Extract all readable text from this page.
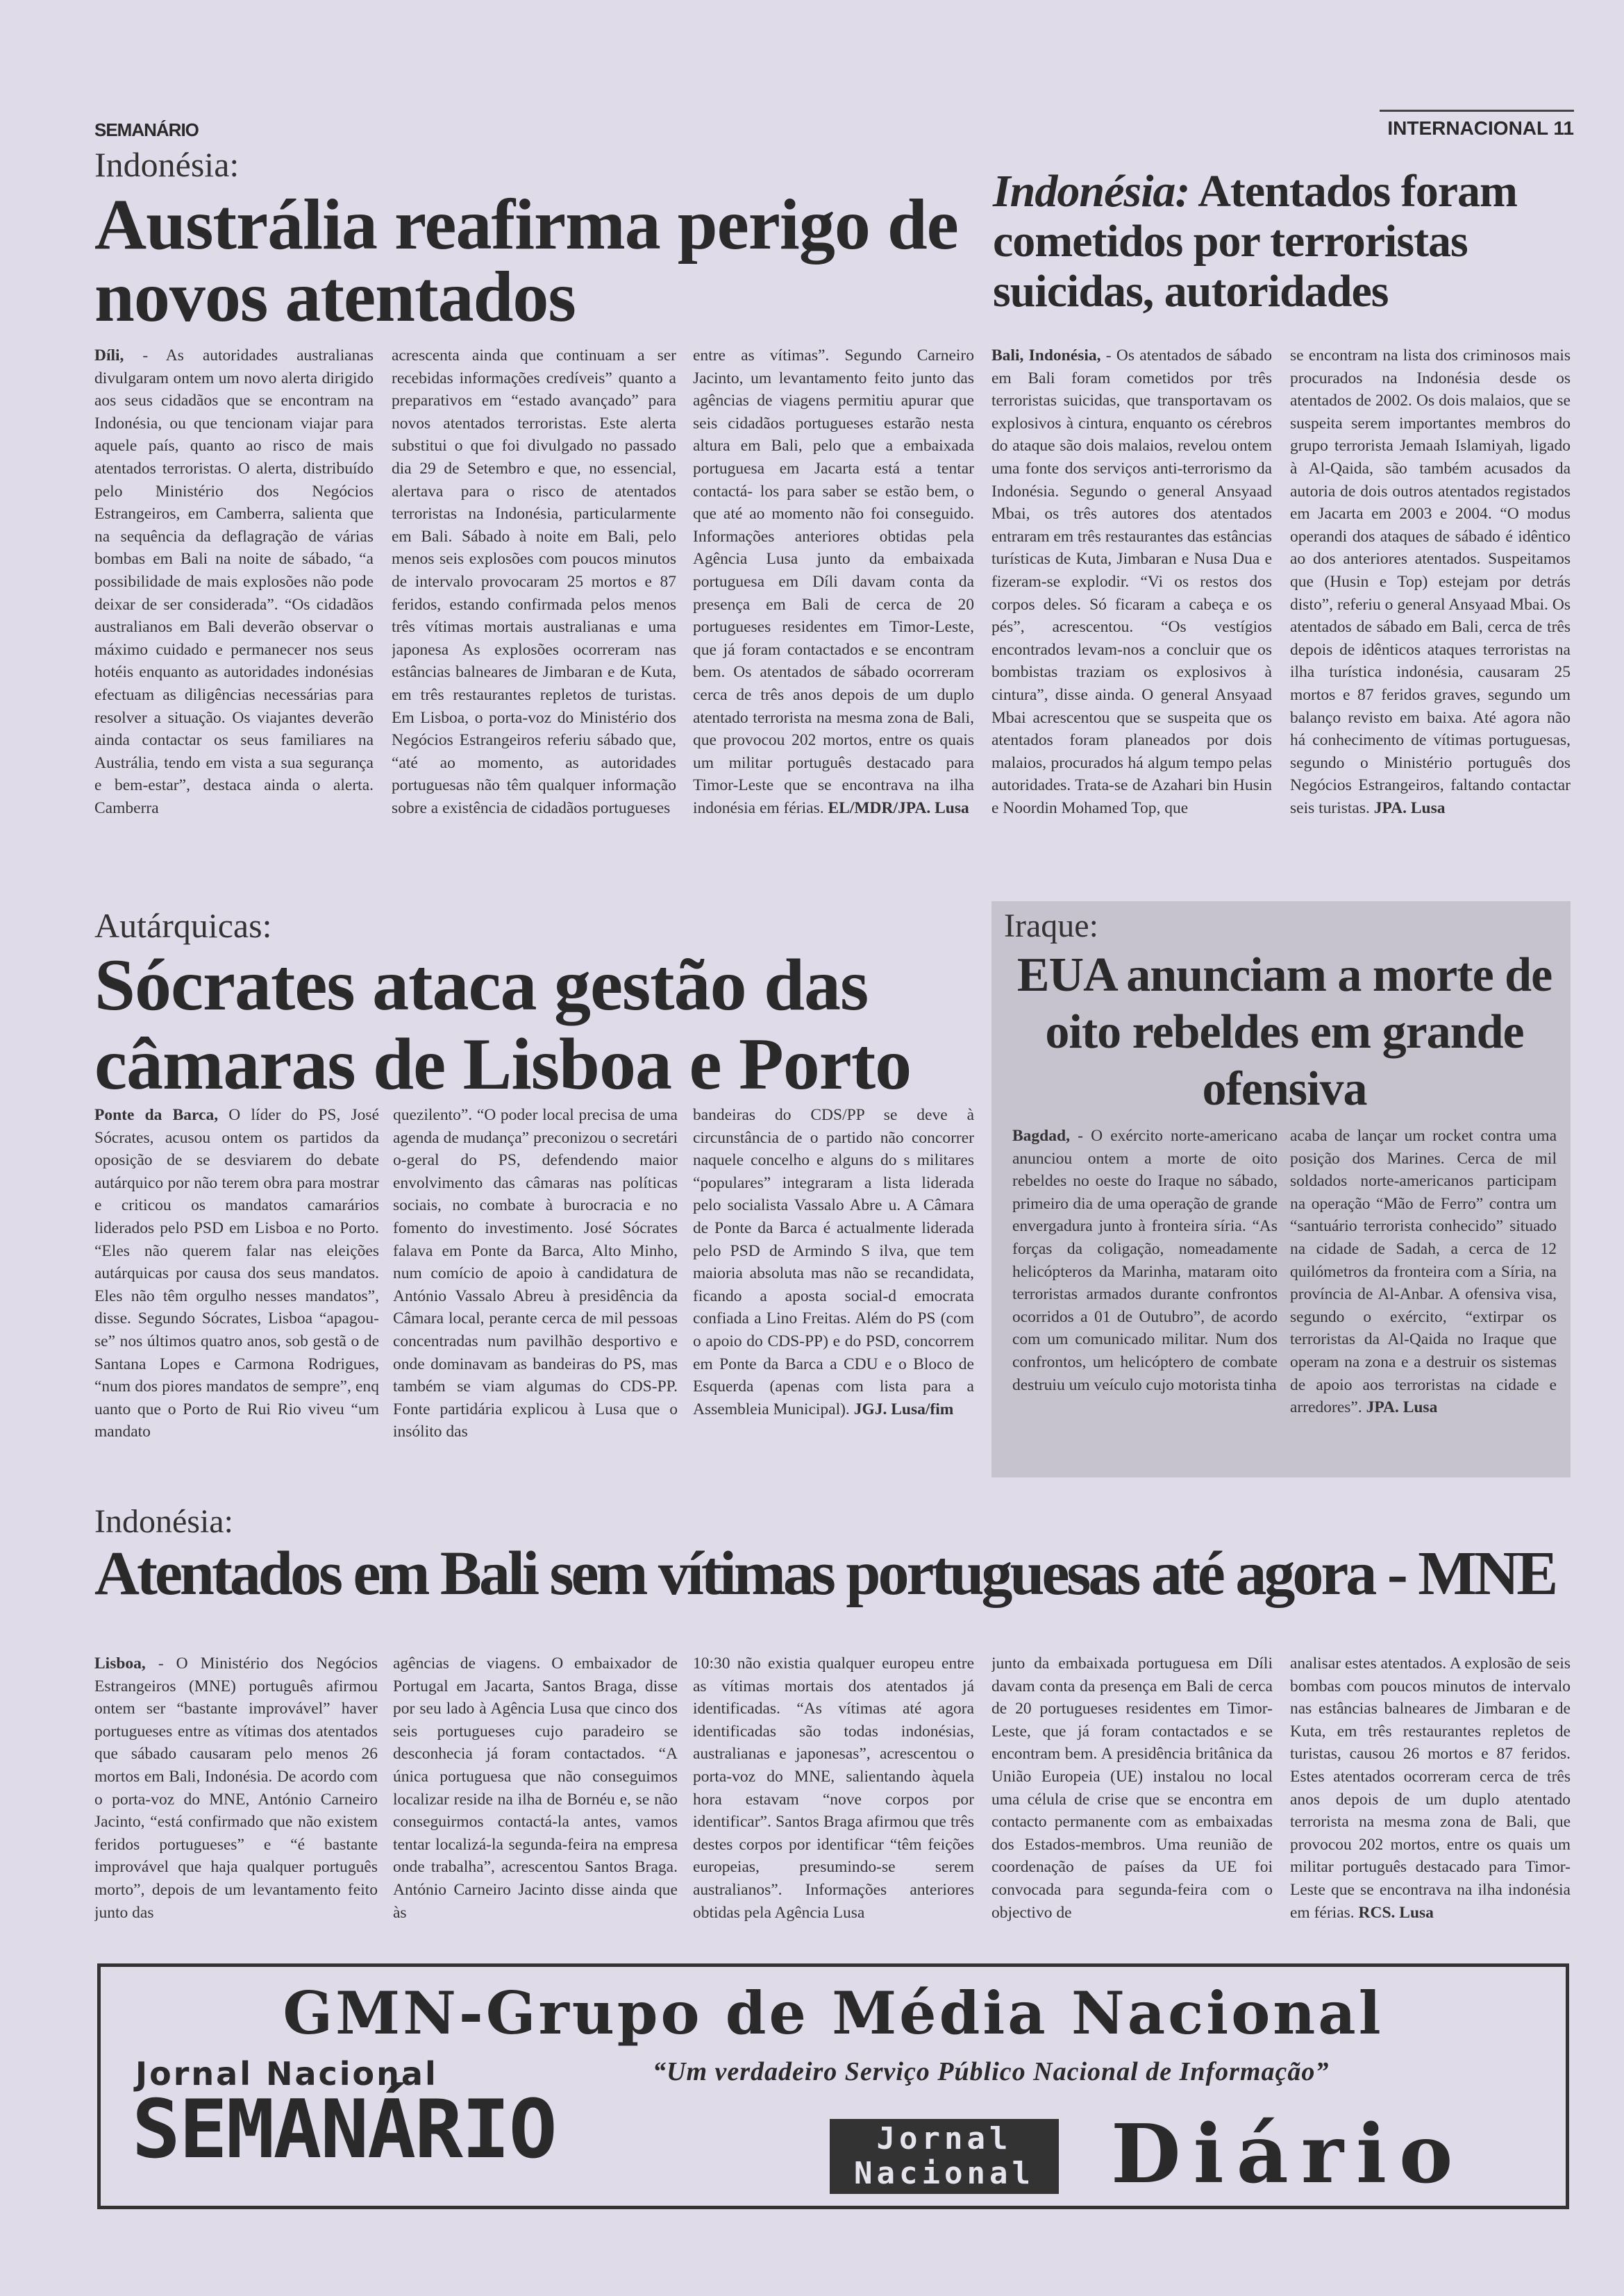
SEMANÁRIO	INTERNACIONAL 11
Indonésia:
Austrália reafirma perigo de novos atentados
Díli, - As autoridades australianas divulgaram ontem um novo alerta dirigido aos seus cidadãos que se encontram na Indonésia, ou que tencionam viajar para aquele país, quanto ao risco de mais atentados terroristas. O alerta, distribuído pelo Ministério dos Negócios Estrangeiros, em Camberra, salienta que na sequência da deflagração de várias bombas em Bali na noite de sábado, “a possibilidade de mais explosões não pode deixar de ser considerada”. “Os cidadãos australianos em Bali deverão observar o máximo cuidado e permanecer nos seus hotéis enquanto as autoridades indonésias efectuam as diligências necessárias para resolver a situação. Os viajantes deverão ainda contactar os seus familiares na Austrália, tendo em vista a sua segurança e bem-estar”, destaca ainda o alerta. Camberra
acrescenta ainda que continuam a ser recebidas informações credíveis” quanto a preparativos em “estado avançado” para novos atentados terroristas. Este alerta substitui o que foi divulgado no passado dia 29 de Setembro e que, no essencial, alertava para o risco de atentados terroristas na Indonésia, particularmente em Bali. Sábado à noite em Bali, pelo menos seis explosões com poucos minutos de intervalo provocaram 25 mortos e 87 feridos, estando confirmada pelos menos três vítimas mortais australianas e uma japonesa As explosões ocorreram nas estâncias balneares de Jimbaran e de Kuta, em três restaurantes repletos de turistas. Em Lisboa, o porta-voz do Ministério dos Negócios Estrangeiros referiu sábado que, “até ao momento, as autoridades portuguesas não têm qualquer informação sobre a existência de cidadãos portugueses
entre as vítimas”. Segundo Carneiro Jacinto, um levantamento feito junto das agências de viagens permitiu apurar que seis cidadãos portugueses estarão nesta altura em Bali, pelo que a embaixada portuguesa em Jacarta está a tentar contactá- los para saber se estão bem, o que até ao momento não foi conseguido. Informações anteriores obtidas pela Agência Lusa junto da embaixada portuguesa em Díli davam conta da presença em Bali de cerca de 20 portugueses residentes em Timor-Leste, que já foram contactados e se encontram bem. Os atentados de sábado ocorreram cerca de três anos depois de um duplo atentado terrorista na mesma zona de Bali, que provocou 202 mortos, entre os quais um militar português destacado para Timor-Leste que se encontrava na ilha indonésia em férias. EL/MDR/JPA. Lusa
Indonésia: Atentados foram cometidos por terroristas suicidas, autoridades
Bali, Indonésia, - Os atentados de sábado em Bali foram cometidos por três terroristas suicidas, que transportavam os explosivos à cintura, enquanto os cérebros do ataque são dois malaios, revelou ontem uma fonte dos serviços anti-terrorismo da Indonésia. Segundo o general Ansyaad Mbai, os três autores dos atentados entraram em três restaurantes das estâncias turísticas de Kuta, Jimbaran e Nusa Dua e fizeram-se explodir. “Vi os restos dos corpos deles. Só ficaram a cabeça e os pés”, acrescentou. “Os vestígios encontrados levam-nos a concluir que os bombistas traziam os explosivos à cintura”, disse ainda. O general Ansyaad Mbai acrescentou que se suspeita que os atentados foram planeados por dois malaios, procurados há algum tempo pelas autoridades. Trata-se de Azahari bin Husin e Noordin Mohamed Top, que
se encontram na lista dos criminosos mais procurados na Indonésia desde os atentados de 2002. Os dois malaios, que se suspeita serem importantes membros do grupo terrorista Jemaah Islamiyah, ligado à Al-Qaida, são também acusados da autoria de dois outros atentados registados em Jacarta em 2003 e 2004. “O modus operandi dos ataques de sábado é idêntico ao dos anteriores atentados. Suspeitamos que (Husin e Top) estejam por detrás disto”, referiu o general Ansyaad Mbai. Os atentados de sábado em Bali, cerca de três depois de idênticos ataques terroristas na ilha turística indonésia, causaram 25 mortos e 87 feridos graves, segundo um balanço revisto em baixa. Até agora não há conhecimento de vítimas portuguesas, segundo o Ministério português dos Negócios Estrangeiros, faltando contactar seis turistas. JPA. Lusa
Autárquicas:
Sócrates ataca gestão das câmaras de Lisboa e Porto
Ponte da Barca, O líder do PS, José Sócrates, acusou ontem os partidos da oposição de se desviarem do debate autárquico por não terem obra para mostrar e criticou os mandatos camarários liderados pelo PSD em Lisboa e no Porto. “Eles não querem falar nas eleições autárquicas por causa dos seus mandatos. Eles não têm orgulho nesses mandatos”, disse. Segundo Sócrates, Lisboa “apagou-se” nos últimos quatro anos, sob gestã o de Santana Lopes e Carmona Rodrigues, “num dos piores mandatos de sempre”, enq uanto que o Porto de Rui Rio viveu “um mandato
quezilento”. “O poder local precisa de uma agenda de mudança” preconizou o secretári o-geral do PS, defendendo maior envolvimento das câmaras nas políticas sociais, no combate à burocracia e no fomento do investimento. José Sócrates falava em Ponte da Barca, Alto Minho, num comício de apoio à candidatura de António Vassalo Abreu à presidência da Câmara local, perante cerca de mil pessoas concentradas num pavilhão desportivo e onde dominavam as bandeiras do PS, mas também se viam algumas do CDS-PP. Fonte partidária explicou à Lusa que o insólito das
bandeiras do CDS/PP se deve à circunstância de o partido não concorrer naquele concelho e alguns do s militares “populares” integraram a lista liderada pelo socialista Vassalo Abre u. A Câmara de Ponte da Barca é actualmente liderada pelo PSD de Armindo S ilva, que tem maioria absoluta mas não se recandidata, ficando a aposta social-d emocrata confiada a Lino Freitas. Além do PS (com o apoio do CDS-PP) e do PSD, concorrem em Ponte da Barca a CDU e o Bloco de Esquerda (apenas com lista para a Assembleia Municipal). JGJ. Lusa/fim
Iraque:
EUA anunciam a morte de oito rebeldes em grande ofensiva
Bagdad, - O exército norte-americano anunciou ontem a morte de oito rebeldes no oeste do Iraque no sábado, primeiro dia de uma operação de grande envergadura junto à fronteira síria. “As forças da coligação, nomeadamente helicópteros da Marinha, mataram oito terroristas armados durante confrontos ocorridos a 01 de Outubro”, de acordo com um comunicado militar. Num dos confrontos, um helicóptero de combate destruiu um veículo cujo motorista tinha
acaba de lançar um rocket contra uma posição dos Marines. Cerca de mil soldados norte-americanos participam na operação “Mão de Ferro” contra um “santuário terrorista conhecido” situado na cidade de Sadah, a cerca de 12 quilómetros da fronteira com a Síria, na província de Al-Anbar. A ofensiva visa, segundo o exército, “extirpar os terroristas da Al-Qaida no Iraque que operam na zona e a destruir os sistemas de apoio aos terroristas na cidade e arredores”. JPA. Lusa
Indonésia:
Atentados em Bali sem vítimas portuguesas até agora - MNE
Lisboa, - O Ministério dos Negócios Estrangeiros (MNE) português afirmou ontem ser “bastante improvável” haver portugueses entre as vítimas dos atentados que sábado causaram pelo menos 26 mortos em Bali, Indonésia. De acordo com o porta-voz do MNE, António Carneiro Jacinto, “está confirmado que não existem feridos portugueses” e “é bastante improvável que haja qualquer português morto”, depois de um levantamento feito junto das
agências de viagens. O embaixador de Portugal em Jacarta, Santos Braga, disse por seu lado à Agência Lusa que cinco dos seis portugueses cujo paradeiro se desconhecia já foram contactados. “A única portuguesa que não conseguimos localizar reside na ilha de Bornéu e, se não conseguirmos contactá-la antes, vamos tentar localizá-la segunda-feira na empresa onde trabalha”, acrescentou Santos Braga. António Carneiro Jacinto disse ainda que às
10:30 não existia qualquer europeu entre as vítimas mortais dos atentados já identificadas. “As vítimas até agora identificadas são todas indonésias, australianas e japonesas”, acrescentou o porta-voz do MNE, salientando àquela hora estavam “nove corpos por identificar”. Santos Braga afirmou que três destes corpos por identificar “têm feições europeias, presumindo-se serem australianos”. Informações anteriores obtidas pela Agência Lusa
junto da embaixada portuguesa em Díli davam conta da presença em Bali de cerca de 20 portugueses residentes em Timor-Leste, que já foram contactados e se encontram bem. A presidência britânica da União Europeia (UE) instalou no local uma célula de crise que se encontra em contacto permanente com as embaixadas dos Estados-membros. Uma reunião de coordenação de países da UE foi convocada para segunda-feira com o objectivo de
analisar estes atentados. A explosão de seis bombas com poucos minutos de intervalo nas estâncias balneares de Jimbaran e de Kuta, em três restaurantes repletos de turistas, causou 26 mortos e 87 feridos. Estes atentados ocorreram cerca de três anos depois de um duplo atentado terrorista na mesma zona de Bali, que provocou 202 mortos, entre os quais um militar português destacado para Timor- Leste que se encontrava na ilha indonésia em férias. RCS. Lusa
GMN-Grupo de Média Nacional
Jornal Nacional
SEMANÁRIO
“Um verdadeiro Serviço Público Nacional de Informação”
Jornal
Nacional Diário
